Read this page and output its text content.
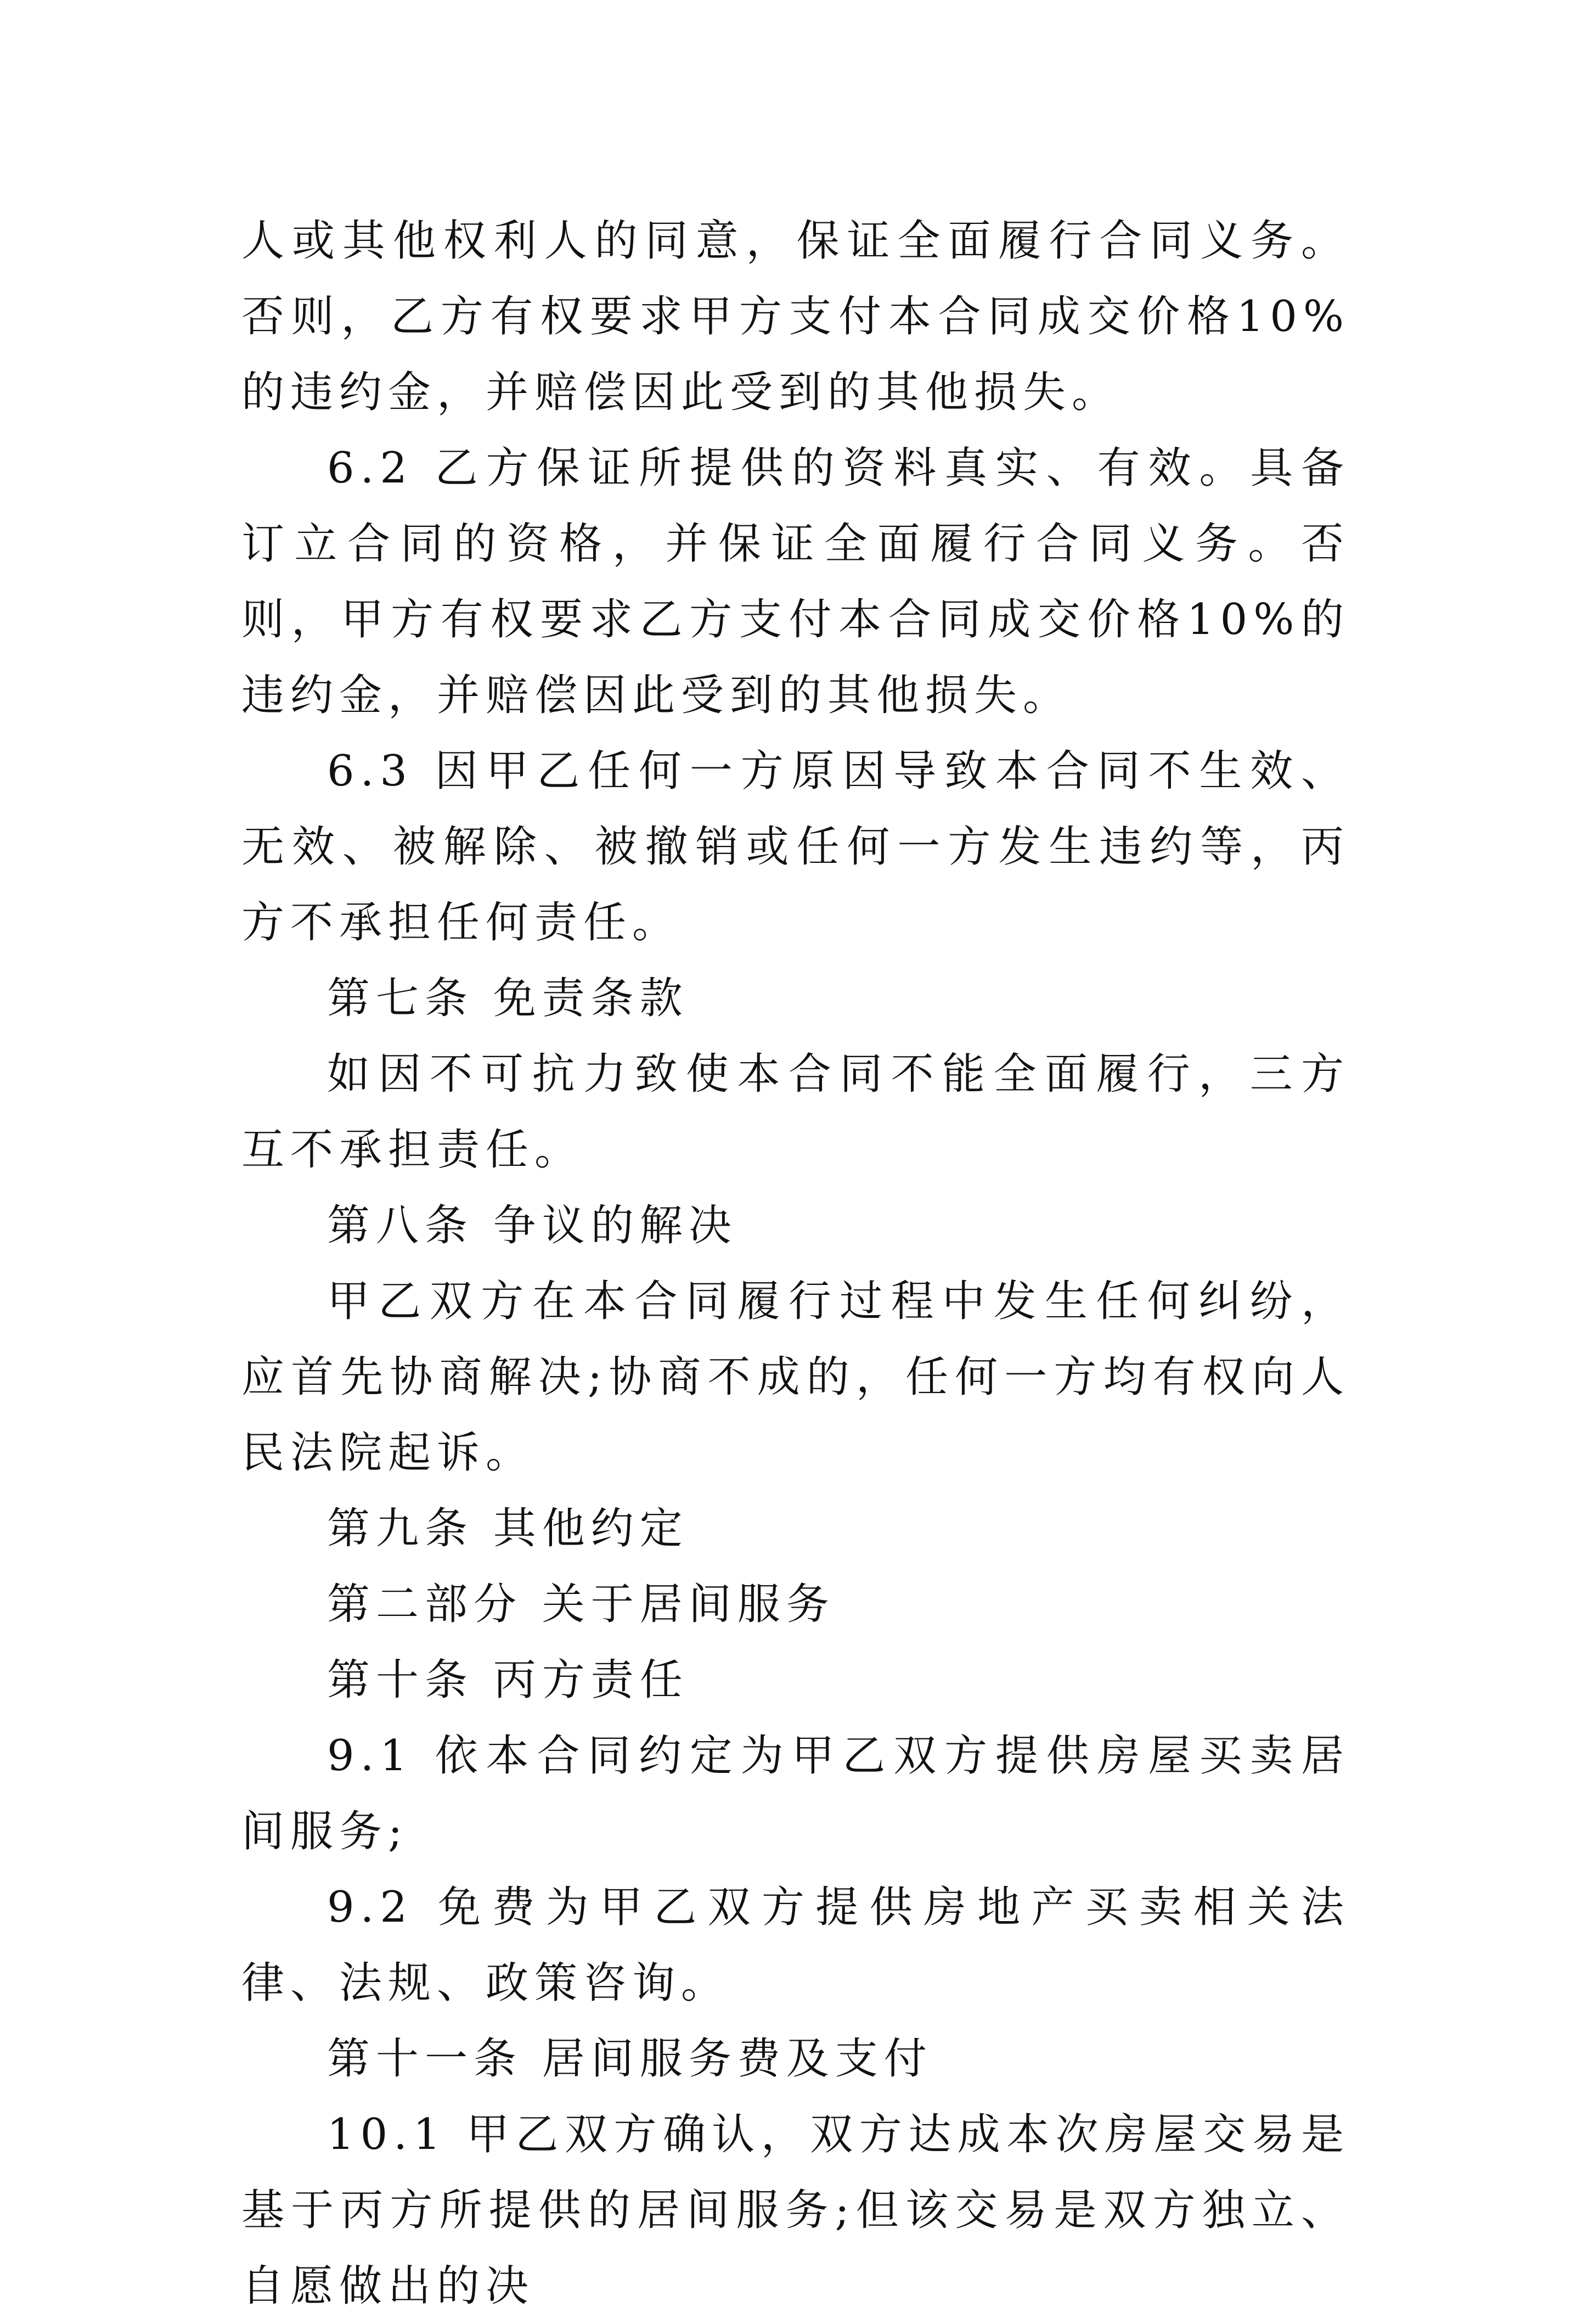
人或其他权利人的同意，保证全面履行合同义务。否则，乙方有权要求甲方支付本合同成交价格10%的违约金，并赔偿因此受到的其他损失。

6.2 乙方保证所提供的资料真实、有效。具备订立合同的资格，并保证全面履行合同义务。否则，甲方有权要求乙方支付本合同成交价格10%的违约金，并赔偿因此受到的其他损失。

6.3 因甲乙任何一方原因导致本合同不生效、无效、被解除、被撤销或任何一方发生违约等，丙方不承担任何责任。

第七条 免责条款

如因不可抗力致使本合同不能全面履行，三方互不承担责任。

第八条 争议的解决

甲乙双方在本合同履行过程中发生任何纠纷，应首先协商解决;协商不成的，任何一方均有权向人民法院起诉。

第九条 其他约定

第二部分 关于居间服务

第十条 丙方责任

9.1 依本合同约定为甲乙双方提供房屋买卖居间服务;

9.2 免费为甲乙双方提供房地产买卖相关法律、法规、政策咨询。

第十一条 居间服务费及支付

10.1 甲乙双方确认，双方达成本次房屋交易是基于丙方所提供的居间服务;但该交易是双方独立、自愿做出的决
